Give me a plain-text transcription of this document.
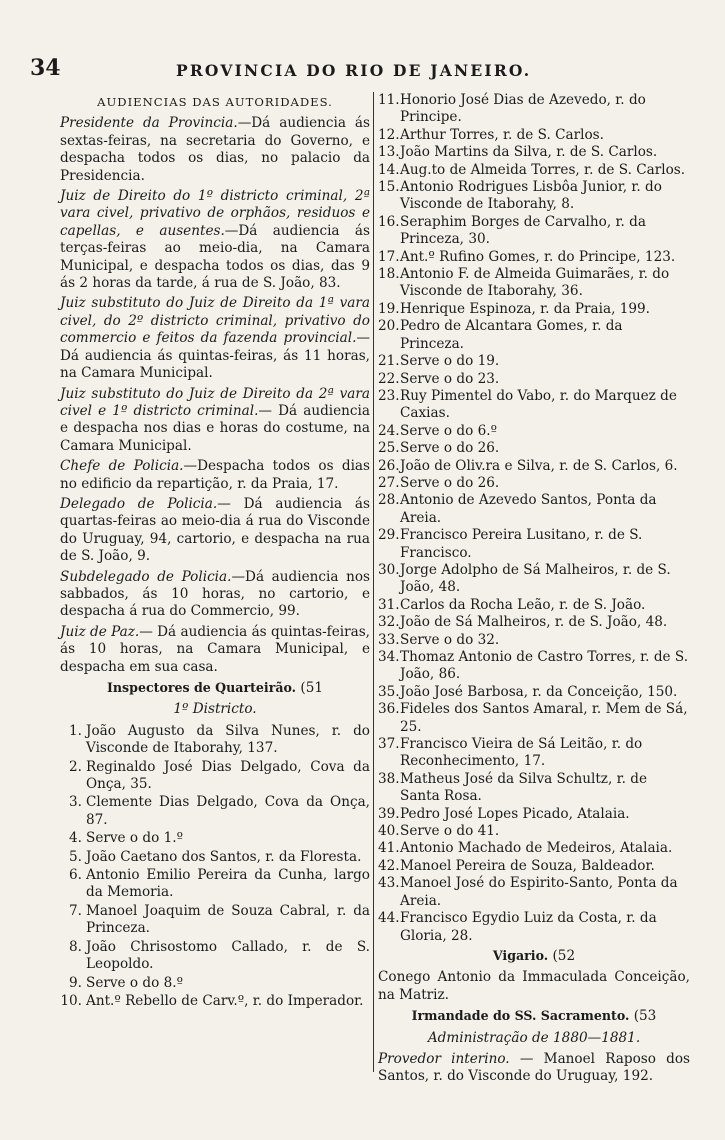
34	PROVINCIA DO RIO DE JANEIRO.
AUDIENCIAS DAS AUTORIDADES.

Presidente da Provincia.—Dá audiencia ás sextas-feiras, na secretaria do Governo, e despacha todos os dias, no palacio da Presidencia.

Juiz de Direito do 1º districto criminal, 2ª vara civel, privativo de orphãos, residuos e capellas, e ausentes.—Dá audiencia ás terças-feiras ao meio-dia, na Camara Municipal, e despacha todos os dias, das 9 ás 2 horas da tarde, á rua de S. João, 83.

Juiz substituto do Juiz de Direito da 1ª vara civel, do 2º districto criminal, privativo do commercio e feitos da fazenda provincial.— Dá audiencia ás quintas-feiras, ás 11 horas, na Camara Municipal.

Juiz substituto do Juiz de Direito da 2ª vara civel e 1º districto criminal.— Dá audiencia e despacha nos dias e horas do costume, na Camara Municipal.

Chefe de Policia.—Despacha todos os dias no edificio da repartição, r. da Praia, 17.

Delegado de Policia.— Dá audiencia ás quartas-feiras ao meio-dia á rua do Visconde do Uruguay, 94, cartorio, e despacha na rua de S. João, 9.

Subdelegado de Policia.—Dá audiencia nos sabbados, ás 10 horas, no cartorio, e despacha á rua do Commercio, 99.

Juiz de Paz.— Dá audiencia ás quintas-feiras, ás 10 horas, na Camara Municipal, e despacha em sua casa.

Inspectores de Quarteirão. (51
1º Districto.
1. João Augusto da Silva Nunes, r. do Visconde de Itaborahy, 137.
2. Reginaldo José Dias Delgado, Cova da Onça, 35.
3. Clemente Dias Delgado, Cova da Onça, 87.
4. Serve o do 1.º
5. João Caetano dos Santos, r. da Floresta.
6. Antonio Emilio Pereira da Cunha, largo da Memoria.
7. Manoel Joaquim de Souza Cabral, r. da Princeza.
8. João Chrisostomo Callado, r. de S. Leopoldo.
9. Serve o do 8.º
10. Ant.º Rebello de Carv.º, r. do Imperador.
11. Honorio José Dias de Azevedo, r. do Principe.
12. Arthur Torres, r. de S. Carlos.
13. João Martins da Silva, r. de S. Carlos.
14. Aug.to de Almeida Torres, r. de S. Carlos.
15. Antonio Rodrigues Lisbôa Junior, r. do Visconde de Itaborahy, 8.
16. Seraphim Borges de Carvalho, r. da Princeza, 30.
17. Ant.º Rufino Gomes, r. do Principe, 123.
18. Antonio F. de Almeida Guimarães, r. do Visconde de Itaborahy, 36.
19. Henrique Espinoza, r. da Praia, 199.
20. Pedro de Alcantara Gomes, r. da Princeza.
21. Serve o do 19.
22. Serve o do 23.
23. Ruy Pimentel do Vabo, r. do Marquez de Caxias.
24. Serve o do 6.º
25. Serve o do 26.
26. João de Oliv.ra e Silva, r. de S. Carlos, 6.
27. Serve o do 26.
28. Antonio de Azevedo Santos, Ponta da Areia.
29. Francisco Pereira Lusitano, r. de S. Francisco.
30. Jorge Adolpho de Sá Malheiros, r. de S. João, 48.
31. Carlos da Rocha Leão, r. de S. João.
32. João de Sá Malheiros, r. de S. João, 48.
33. Serve o do 32.
34. Thomaz Antonio de Castro Torres, r. de S. João, 86.
35. João José Barbosa, r. da Conceição, 150.
36. Fideles dos Santos Amaral, r. Mem de Sá, 25.
37. Francisco Vieira de Sá Leitão, r. do Reconhecimento, 17.
38. Matheus José da Silva Schultz, r. de Santa Rosa.
39. Pedro José Lopes Picado, Atalaia.
40. Serve o do 41.
41. Antonio Machado de Medeiros, Atalaia.
42. Manoel Pereira de Souza, Baldeador.
43. Manoel José do Espirito-Santo, Ponta da Areia.
44. Francisco Egydio Luiz da Costa, r. da Gloria, 28.
Vigario. (52

Conego Antonio da Immaculada Conceição, na Matriz.

Irmandade do SS. Sacramento. (53
Administração de 1880—1881.

Provedor interino. — Manoel Raposo dos Santos, r. do Visconde do Uruguay, 192.
